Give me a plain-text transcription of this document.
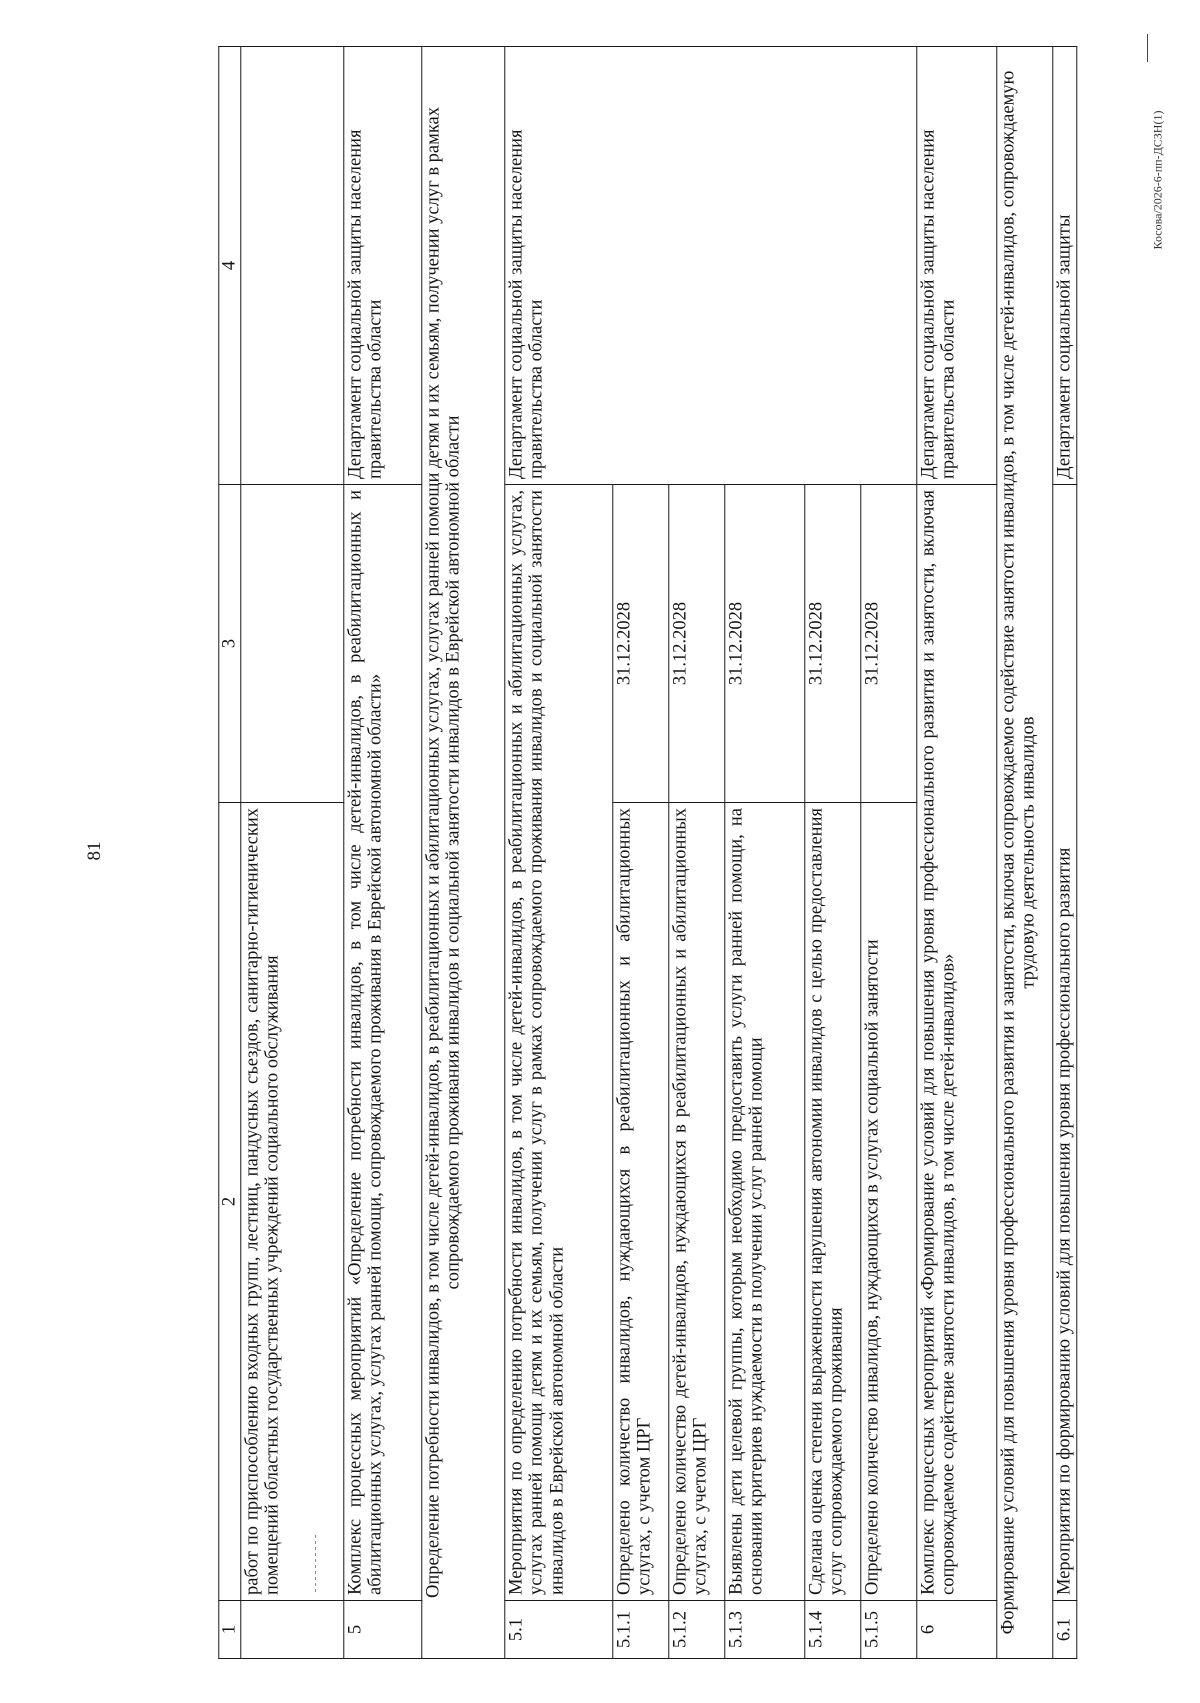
81
Косова/2026-6-пп-ДСЗН(1)
1	2	3	4
	работ по приспособлению входных групп, лестниц, пандусных съездов, санитарно-гигиенических помещений областных государственных учреждений социального обслуживания		
5	Комплекс процессных мероприятий «Определение потребности инвалидов, в том числе детей-инвалидов, в реабилитационных и абилитационных услугах, услугах ранней помощи, сопровождаемого проживания в Еврейской автономной области»		Департамент социальной защиты населения правительства области
Определение потребности инвалидов, в том числе детей-инвалидов, в реабилитационных и абилитационных услугах, услугах ранней помощи детям и их семьям, получении услуг в рамках сопровождаемого проживания инвалидов и социальной занятости инвалидов в Еврейской автономной области			
5.1	Мероприятия по определению потребности инвалидов, в том числе детей-инвалидов, в реабилитационных и абилитационных услугах, услугах ранней помощи детям и их семьям, получении услуг в рамках сопровождаемого проживания инвалидов и социальной занятости инвалидов в Еврейской автономной области		Департамент социальной защиты населения правительства области
5.1.1	Определено количество инвалидов, нуждающихся в реабилитационных и абилитационных услугах, с учетом ЦРГ	31.12.2028	
5.1.2	Определено количество детей-инвалидов, нуждающихся в реабилитационных и абилитационных услугах, с учетом ЦРГ	31.12.2028	
5.1.3	Выявлены дети целевой группы, которым необходимо предоставить услуги ранней помощи, на основании критериев нуждаемости в получении услуг ранней помощи	31.12.2028	
5.1.4	Сделана оценка степени выраженности нарушения автономии инвалидов с целью предоставления услуг сопровождаемого проживания	31.12.2028	
5.1.5	Определено количество инвалидов, нуждающихся в услугах социальной занятости	31.12.2028	
6	Комплекс процессных мероприятий «Формирование условий для повышения уровня профессионального развития и занятости, включая сопровождаемое содействие занятости инвалидов, в том числе детей-инвалидов»		Департамент социальной защиты населения правительства области
Формирование условий для повышения уровня профессионального развития и занятости, включая сопровождаемое содействие занятости инвалидов, в том числе детей-инвалидов, сопровождаемую трудовую деятельность инвалидов			
6.1	Мероприятия по формированию условий для повышения уровня профессионального развития		Департамент социальной защиты
